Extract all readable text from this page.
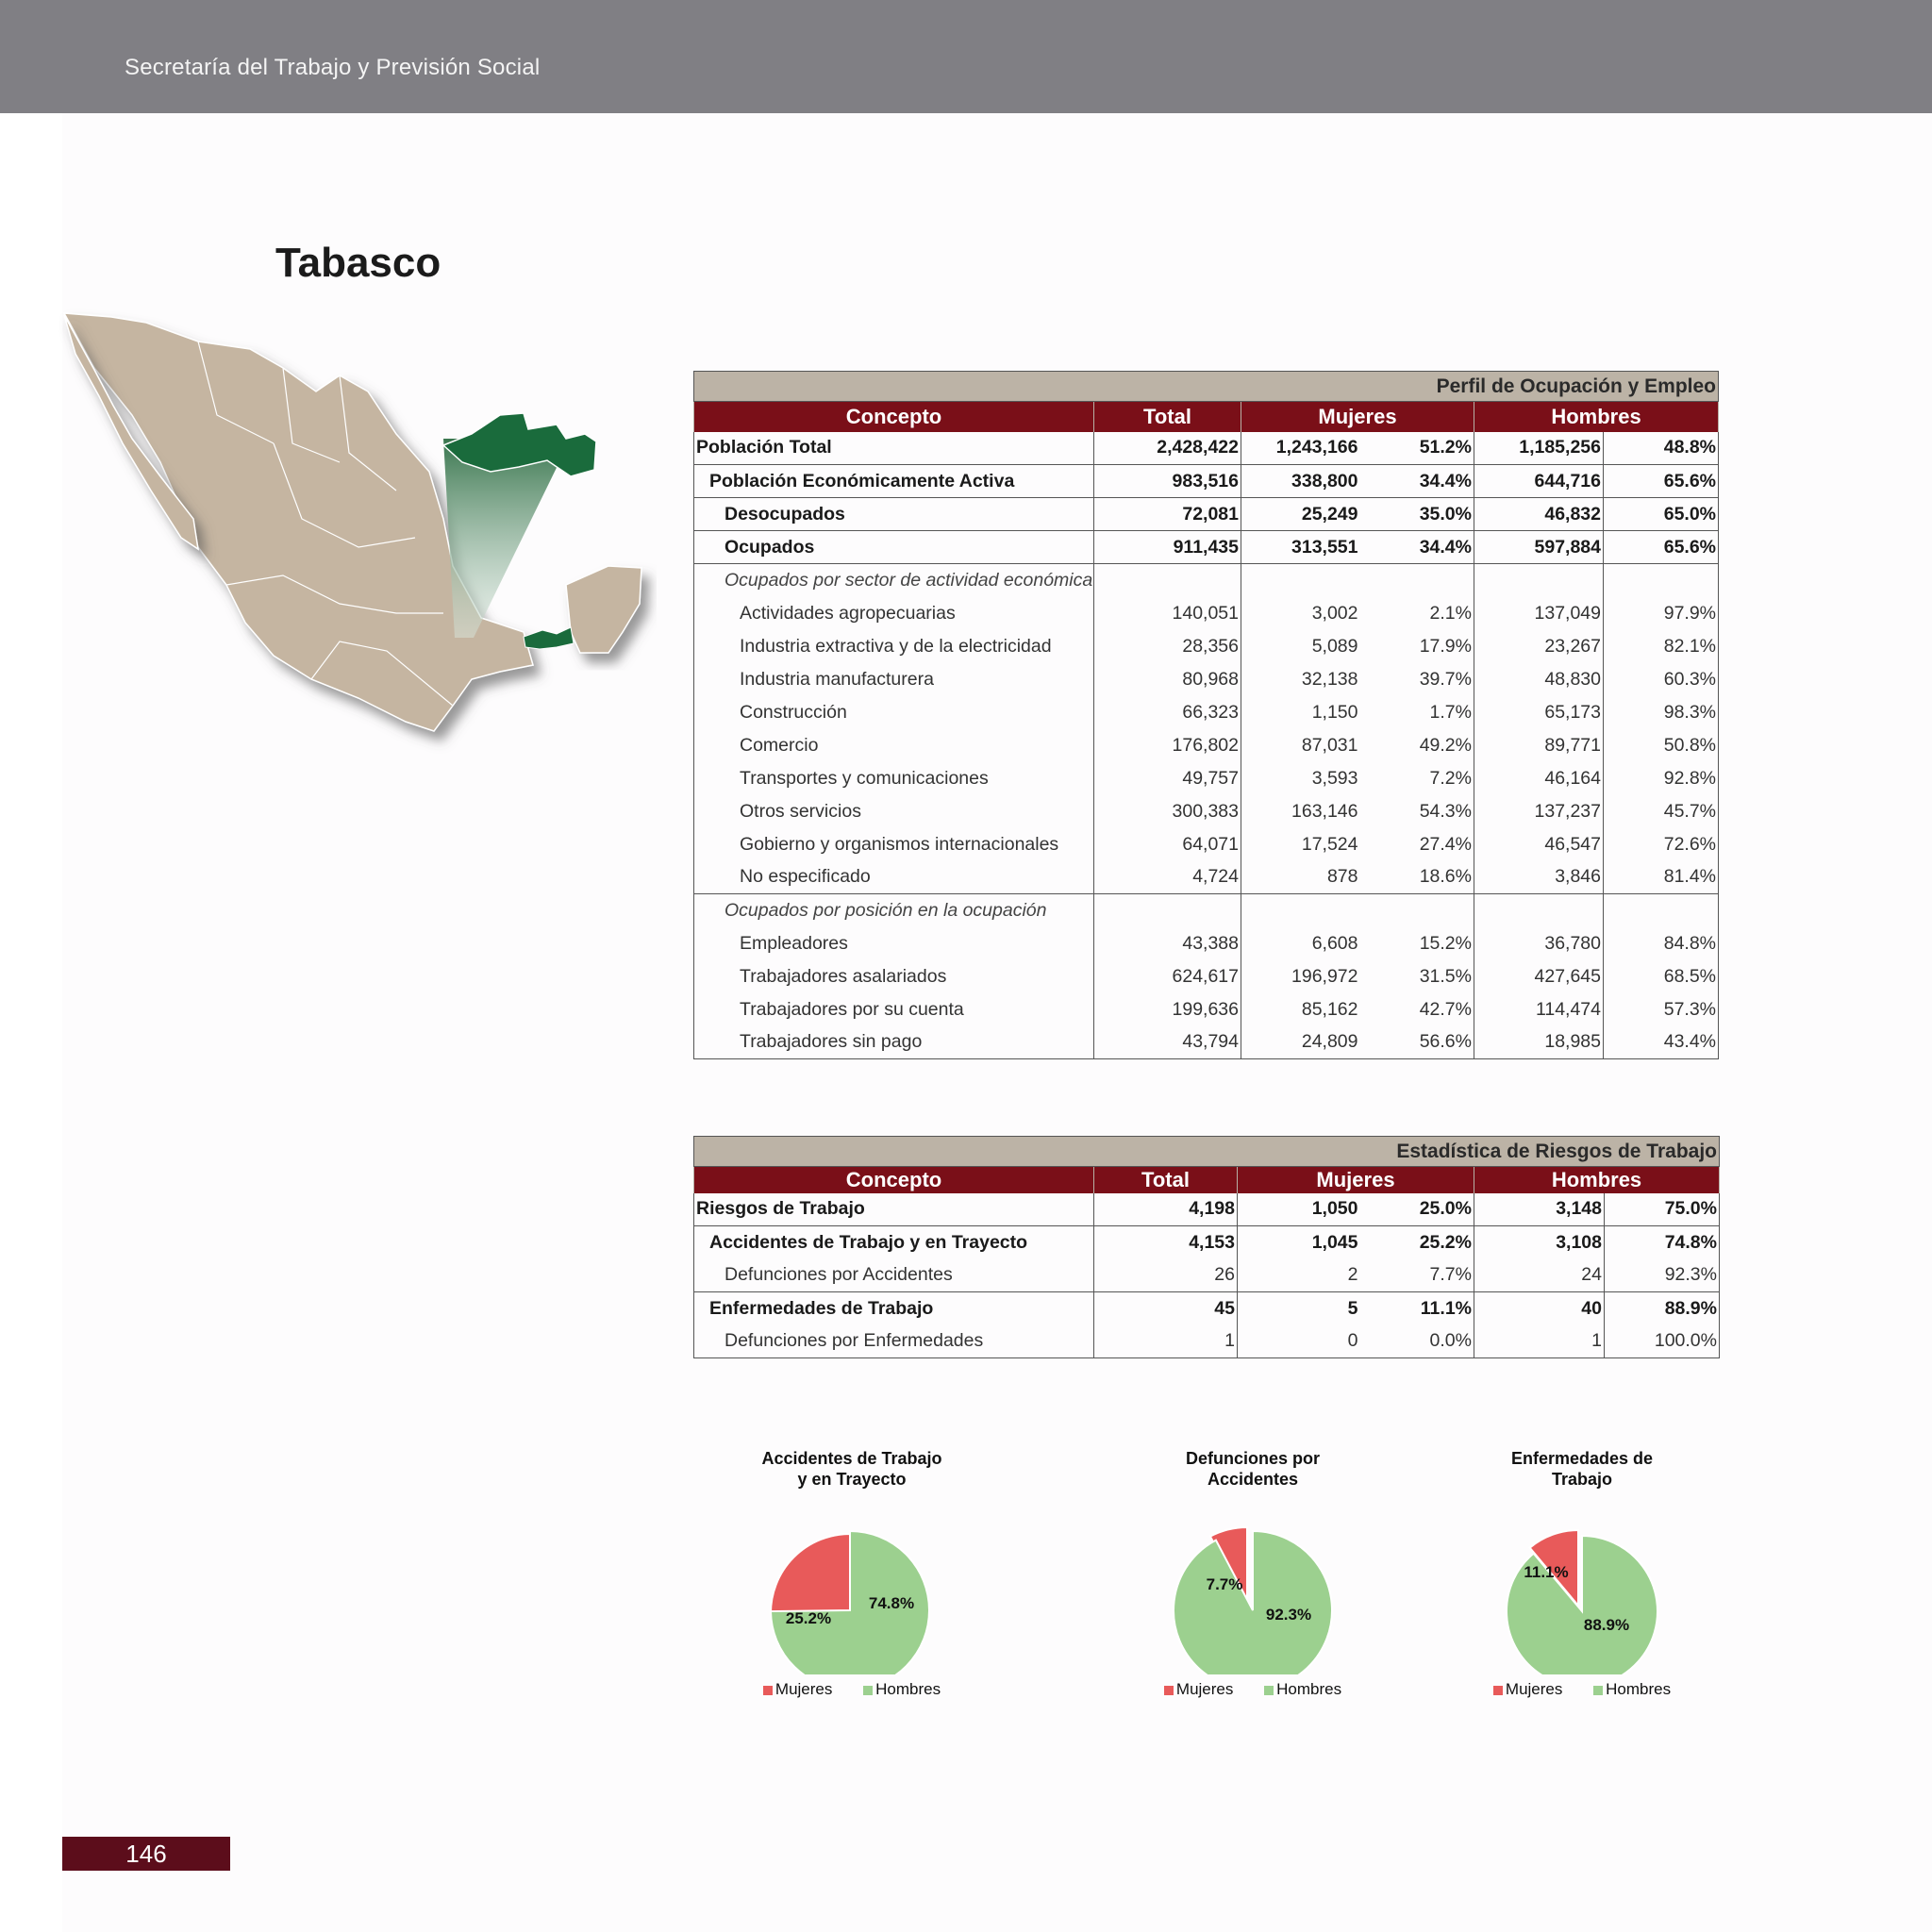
Secretaría del Trabajo y Previsión Social
Tabasco
Perfil de Ocupación y Empleo					
Concepto	Total	Mujeres		Hombres	
Población Total	2,428,422	1,243,166	51.2%	1,185,256	48.8%
Población Económicamente Activa	983,516	338,800	34.4%	644,716	65.6%
Desocupados	72,081	25,249	35.0%	46,832	65.0%
Ocupados	911,435	313,551	34.4%	597,884	65.6%
Ocupados por sector de actividad económica					
Actividades agropecuarias	140,051	3,002	2.1%	137,049	97.9%
Industria extractiva y de la electricidad	28,356	5,089	17.9%	23,267	82.1%
Industria manufacturera	80,968	32,138	39.7%	48,830	60.3%
Construcción	66,323	1,150	1.7%	65,173	98.3%
Comercio	176,802	87,031	49.2%	89,771	50.8%
Transportes y comunicaciones	49,757	3,593	7.2%	46,164	92.8%
Otros servicios	300,383	163,146	54.3%	137,237	45.7%
Gobierno y organismos internacionales	64,071	17,524	27.4%	46,547	72.6%
No especificado	4,724	878	18.6%	3,846	81.4%
Ocupados por posición en la ocupación					
Empleadores	43,388	6,608	15.2%	36,780	84.8%
Trabajadores asalariados	624,617	196,972	31.5%	427,645	68.5%
Trabajadores por su cuenta	199,636	85,162	42.7%	114,474	57.3%
Trabajadores sin pago	43,794	24,809	56.6%	18,985	43.4%
Estadística de Riesgos de Trabajo					
Concepto	Total	Mujeres		Hombres	
Riesgos de Trabajo	4,198	1,050	25.0%	3,148	75.0%
Accidentes de Trabajo y en Trayecto	4,153	1,045	25.2%	3,108	74.8%
Defunciones por Accidentes	26	2	7.7%	24	92.3%
Enfermedades de Trabajo	45	5	11.1%	40	88.9%
Defunciones por Enfermedades	1	0	0.0%	1	100.0%
Accidentes de Trabajo
y en Trayecto
25.2%
74.8%
Mujeres	Hombres
Defunciones por
Accidentes
7.7%
92.3%
Mujeres	Hombres
Enfermedades de
Trabajo
11.1%
88.9%
Mujeres	Hombres
146
